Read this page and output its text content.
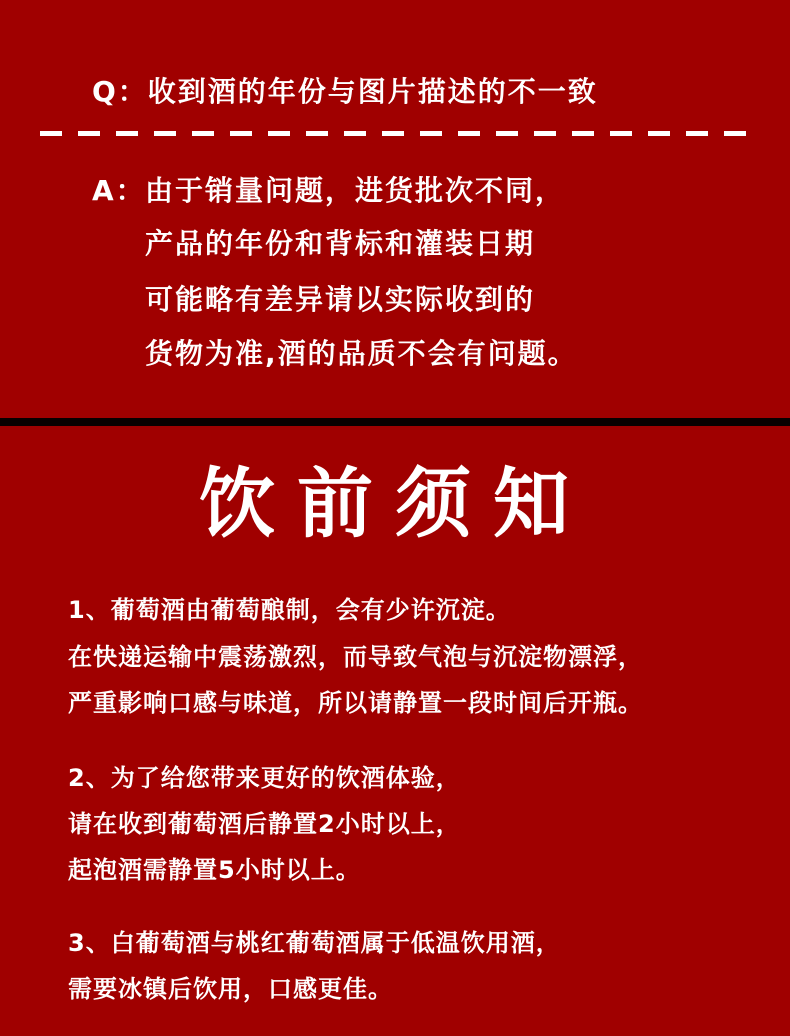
Q：收到酒的年份与图片描述的不一致
A： 由于销量问题，进货批次不同，
产品的年份和背标和灌装日期
可能略有差异请以实际收到的
货物为准,酒的品质不会有问题。
饮前须知
1、葡萄酒由葡萄酿制，会有少许沉淀。
在快递运输中震荡激烈，而导致气泡与沉淀物漂浮，
严重影响口感与味道，所以请静置一段时间后开瓶。
2、为了给您带来更好的饮酒体验，
请在收到葡萄酒后静置2小时以上，
起泡酒需静置5小时以上。
3、白葡萄酒与桃红葡萄酒属于低温饮用酒，
需要冰镇后饮用，口感更佳。
